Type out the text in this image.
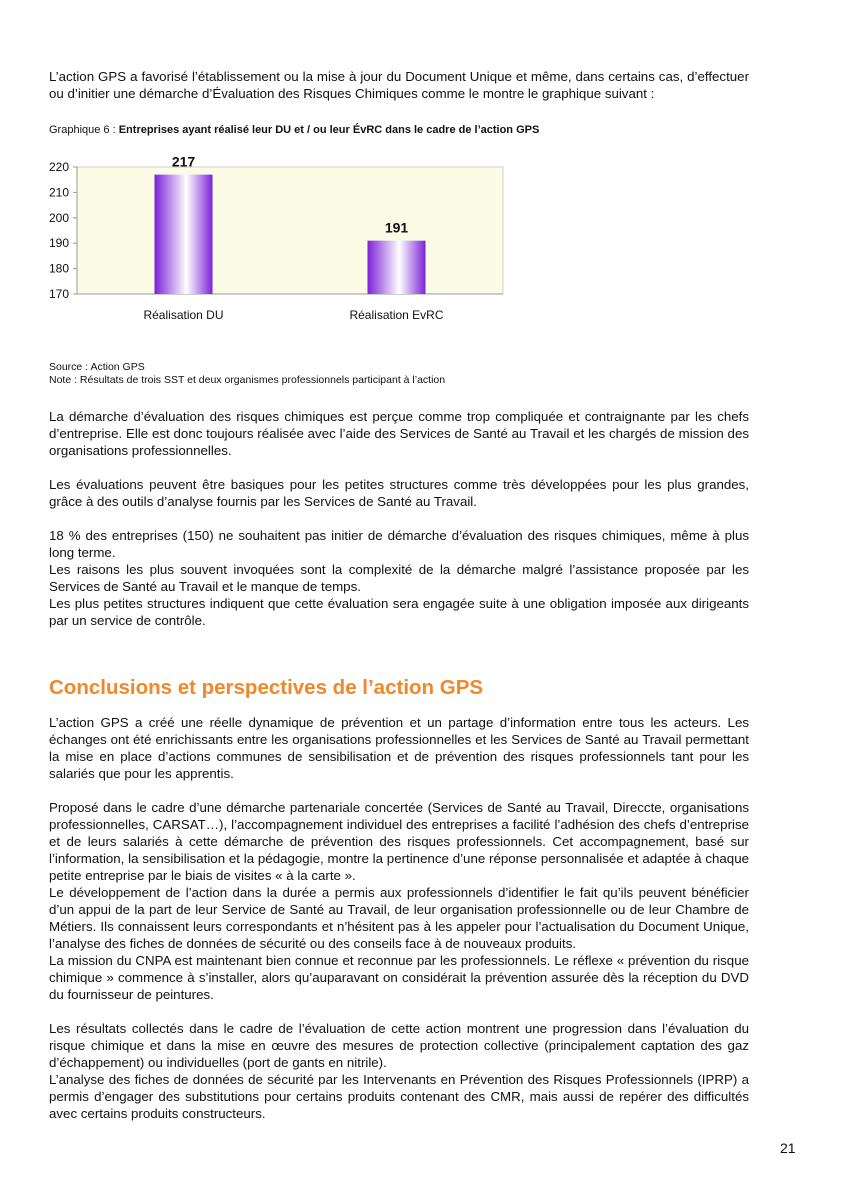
L’action GPS a favorisé l’établissement ou la mise à jour du Document Unique et même, dans certains cas, d’effectuer ou d’initier une démarche d’Évaluation des Risques Chimiques comme le montre le graphique suivant :

Graphique 6 : Entreprises ayant réalisé leur DU et / ou leur ÉvRC dans le cadre de l’action GPS

170
180
190
200
210
220	217
Réalisation DU
191
Réalisation EvRC

Source : Action GPS

Note : Résultats de trois SST et deux organismes professionnels participant à l’action

La démarche d’évaluation des risques chimiques est perçue comme trop compliquée et contraignante par les chefs d’entreprise. Elle est donc toujours réalisée avec l’aide des Services de Santé au Travail et les chargés de mission des organisations professionnelles.

Les évaluations peuvent être basiques pour les petites structures comme très développées pour les plus grandes, grâce à des outils d’analyse fournis par les Services de Santé au Travail.

18 % des entreprises (150) ne souhaitent pas initier de démarche d’évaluation des risques chimiques, même à plus long terme.

Les raisons les plus souvent invoquées sont la complexité de la démarche malgré l’assistance proposée par les Services de Santé au Travail et le manque de temps.

Les plus petites structures indiquent que cette évaluation sera engagée suite à une obligation imposée aux dirigeants par un service de contrôle.

Conclusions et perspectives de l’action GPS

L’action GPS a créé une réelle dynamique de prévention et un partage d’information entre tous les acteurs. Les échanges ont été enrichissants entre les organisations professionnelles et les Services de Santé au Travail permettant la mise en place d’actions communes de sensibilisation et de prévention des risques professionnels tant pour les salariés que pour les apprentis.

Proposé dans le cadre d’une démarche partenariale concertée (Services de Santé au Travail, Direccte, organisations professionnelles, CARSAT…), l’accompagnement individuel des entreprises a facilité l’adhésion des chefs d’entreprise et de leurs salariés à cette démarche de prévention des risques professionnels. Cet accompagnement, basé sur l’information, la sensibilisation et la pédagogie, montre la pertinence d’une réponse personnalisée et adaptée à chaque petite entreprise par le biais de visites « à la carte ».

Le développement de l’action dans la durée a permis aux professionnels d’identifier le fait qu’ils peuvent bénéficier d’un appui de la part de leur Service de Santé au Travail, de leur organisation professionnelle ou de leur Chambre de Métiers. Ils connaissent leurs correspondants et n’hésitent pas à les appeler pour l’actualisation du Document Unique, l’analyse des fiches de données de sécurité ou des conseils face à de nouveaux produits.

La mission du CNPA est maintenant bien connue et reconnue par les professionnels. Le réflexe « prévention du risque chimique » commence à s’installer, alors qu’auparavant on considérait la prévention assurée dès la réception du DVD du fournisseur de peintures.

Les résultats collectés dans le cadre de l’évaluation de cette action montrent une progression dans l’évaluation du risque chimique et dans la mise en œuvre des mesures de protection collective (principalement captation des gaz d’échappement) ou individuelles (port de gants en nitrile).

L’analyse des fiches de données de sécurité par les Intervenants en Prévention des Risques Professionnels (IPRP) a permis d’engager des substitutions pour certains produits contenant des CMR, mais aussi de repérer des difficultés avec certains produits constructeurs.

21
